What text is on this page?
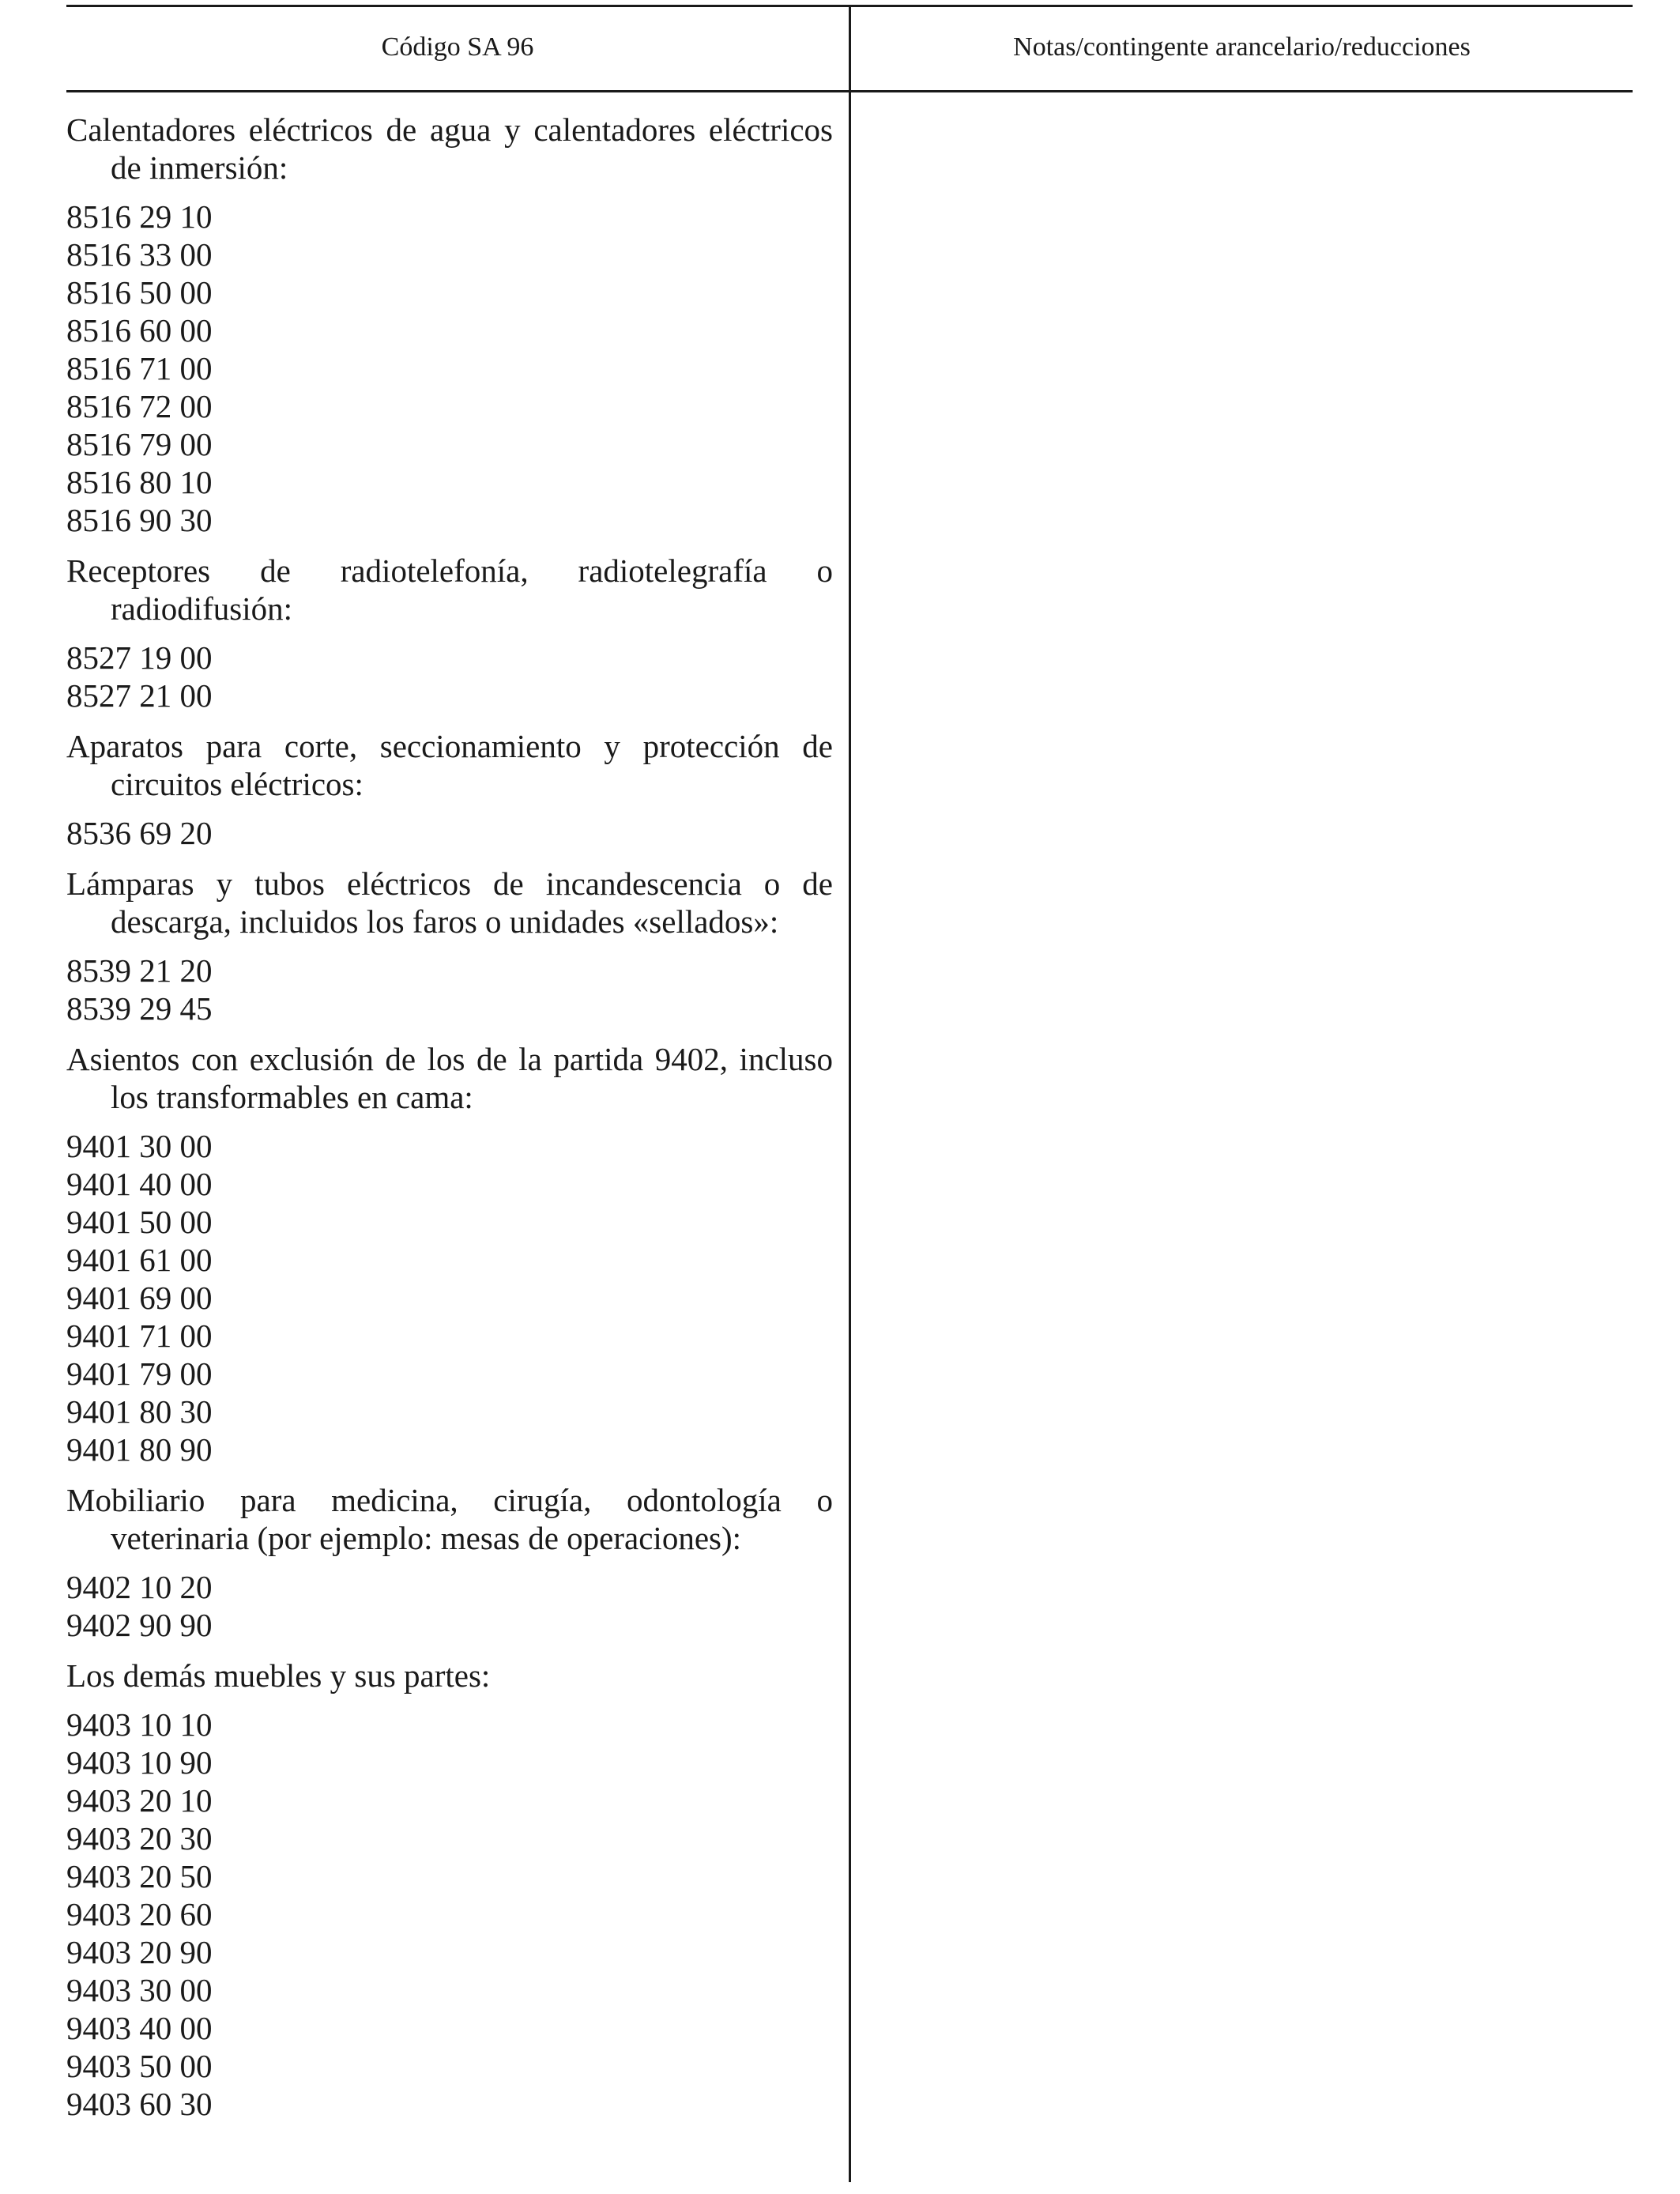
Código SA 96	Notas/contingente arancelario/reducciones

Calentadores eléctricos de agua y calentadores eléctricos de inmersión:

8516 29 10
8516 33 00
8516 50 00
8516 60 00
8516 71 00
8516 72 00
8516 79 00
8516 80 10
8516 90 30

Receptores de radiotelefonía, radiotelegrafía o radiodifusión:

8527 19 00
8527 21 00

Aparatos para corte, seccionamiento y protección de circuitos eléctricos:

8536 69 20

Lámparas y tubos eléctricos de incandescencia o de descarga, incluidos los faros o unidades «sellados»:

8539 21 20
8539 29 45

Asientos con exclusión de los de la partida 9402, incluso los transformables en cama:

9401 30 00
9401 40 00
9401 50 00
9401 61 00
9401 69 00
9401 71 00
9401 79 00
9401 80 30
9401 80 90

Mobiliario para medicina, cirugía, odontología o veterinaria (por ejemplo: mesas de operaciones):

9402 10 20
9402 90 90

Los demás muebles y sus partes:

9403 10 10
9403 10 90
9403 20 10
9403 20 30
9403 20 50
9403 20 60
9403 20 90
9403 30 00
9403 40 00
9403 50 00
9403 60 30
